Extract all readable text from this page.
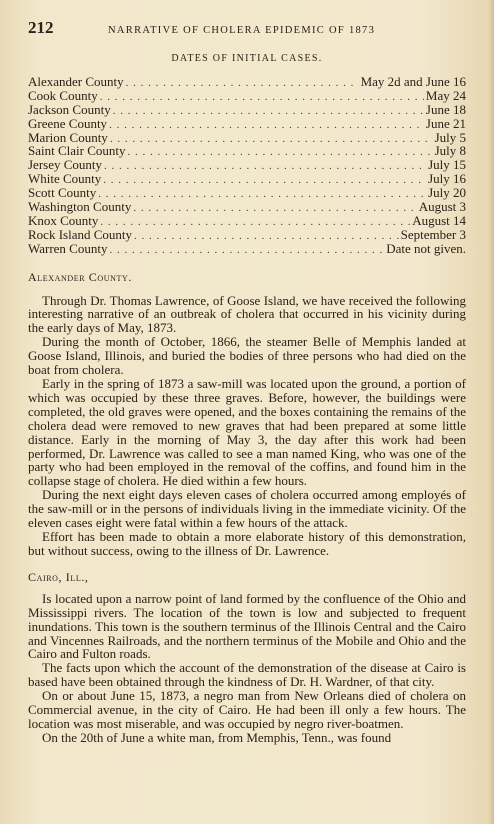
212	NARRATIVE OF CHOLERA EPIDEMIC OF 1873
DATES OF INITIAL CASES.
Alexander County . . .	May 2d and June 16
Cook County . . .	May 24
Jackson County . . .	June 18
Greene County . . .	June 21
Marion County . . .	July 5
Saint Clair County . . .	July 8
Jersey County . . .	July 15
White County . . .	July 16
Scott County . . .	July 20
Washington County . . .	August 3
Knox County . . .	August 14
Rock Island County . . .	September 3
Warren County . . .	Date not given.
Alexander County.

Through Dr. Thomas Lawrence, of Goose Island, we have received the following interesting narrative of an outbreak of cholera that occurred in his vicinity during the early days of May, 1873.

During the month of October, 1866, the steamer Belle of Memphis landed at Goose Island, Illinois, and buried the bodies of three persons who had died on the boat from cholera.

Early in the spring of 1873 a saw-mill was located upon the ground, a portion of which was occupied by these three graves. Before, however, the buildings were completed, the old graves were opened, and the boxes containing the remains of the cholera dead were removed to new graves that had been prepared at some little distance. Early in the morning of May 3, the day after this work had been performed, Dr. Lawrence was called to see a man named King, who was one of the party who had been employed in the removal of the coffins, and found him in the collapse stage of cholera. He died within a few hours.

During the next eight days eleven cases of cholera occurred among employés of the saw-mill or in the persons of individuals living in the immediate vicinity. Of the eleven cases eight were fatal within a few hours of the attack.

Effort has been made to obtain a more elaborate history of this demonstration, but without success, owing to the illness of Dr. Lawrence.

Cairo, Ill.,

Is located upon a narrow point of land formed by the confluence of the Ohio and Mississippi rivers. The location of the town is low and subjected to frequent inundations. This town is the southern terminus of the Illinois Central and the Cairo and Vincennes Railroads, and the northern terminus of the Mobile and Ohio and the Cairo and Fulton roads.

The facts upon which the account of the demonstration of the disease at Cairo is based have been obtained through the kindness of Dr. H. Wardner, of that city.

On or about June 15, 1873, a negro man from New Orleans died of cholera on Commercial avenue, in the city of Cairo. He had been ill only a few hours. The location was most miserable, and was occupied by negro river-boatmen.

On the 20th of June a white man, from Memphis, Tenn., was found
